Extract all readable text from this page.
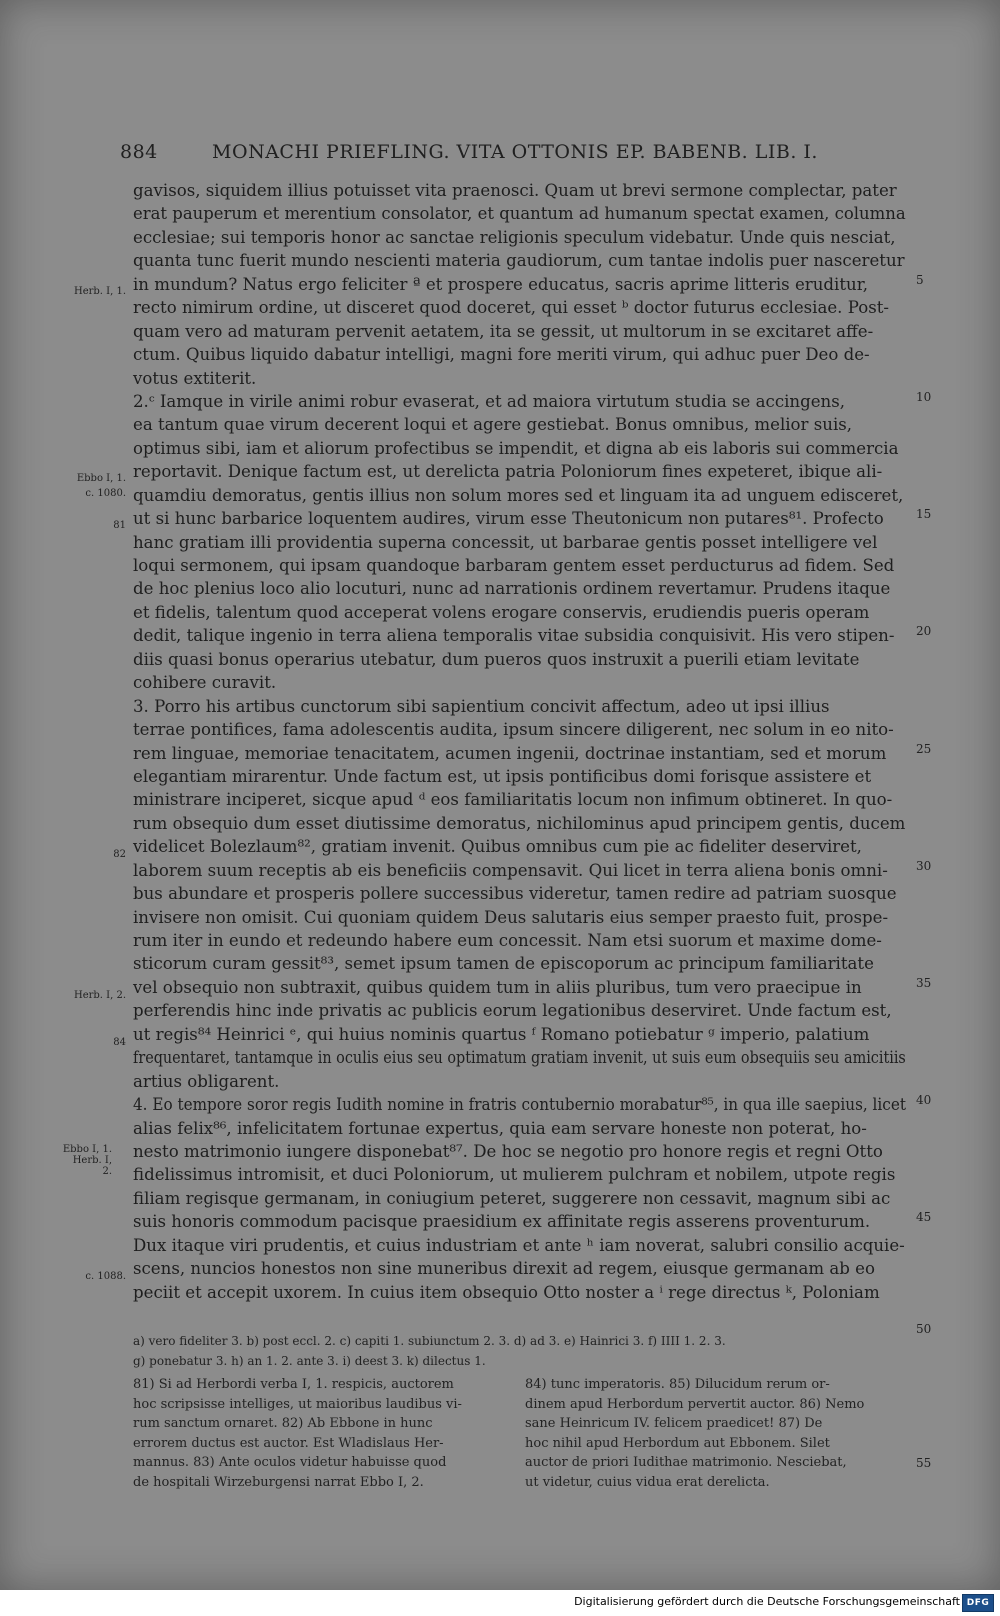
884	MONACHI PRIEFLING. VITA OTTONIS EP. BABENB. LIB. I.
gavisos, siquidem illius potuisset vita praenosci. Quam ut brevi sermone complectar, pater
erat pauperum et merentium consolator, et quantum ad humanum spectat examen, columna
ecclesiae; sui temporis honor ac sanctae religionis speculum videbatur. Unde quis nesciat,
quanta tunc fuerit mundo nescienti materia gaudiorum, cum tantae indolis puer nasceretur
in mundum? Natus ergo feliciter ª et prospere educatus, sacris aprime litteris eruditur,
recto nimirum ordine, ut disceret quod doceret, qui esset ᵇ doctor futurus ecclesiae. Post-
quam vero ad maturam pervenit aetatem, ita se gessit, ut multorum in se excitaret affe-
ctum. Quibus liquido dabatur intelligi, magni fore meriti virum, qui adhuc puer Deo de-
votus extiterit.
2.ᶜ Iamque in virile animi robur evaserat, et ad maiora virtutum studia se accingens,
ea tantum quae virum decerent loqui et agere gestiebat. Bonus omnibus, melior suis,
optimus sibi, iam et aliorum profectibus se impendit, et digna ab eis laboris sui commercia
reportavit. Denique factum est, ut derelicta patria Poloniorum fines expeteret, ibique ali-
quamdiu demoratus, gentis illius non solum mores sed et linguam ita ad unguem edisceret,
ut si hunc barbarice loquentem audires, virum esse Theutonicum non putares⁸¹. Profecto
hanc gratiam illi providentia superna concessit, ut barbarae gentis posset intelligere vel
loqui sermonem, qui ipsam quandoque barbaram gentem esset perducturus ad fidem. Sed
de hoc plenius loco alio locuturi, nunc ad narrationis ordinem revertamur. Prudens itaque
et fidelis, talentum quod acceperat volens erogare conservis, erudiendis pueris operam
dedit, talique ingenio in terra aliena temporalis vitae subsidia conquisivit. His vero stipen-
diis quasi bonus operarius utebatur, dum pueros quos instruxit a puerili etiam levitate
cohibere curavit.
3. Porro his artibus cunctorum sibi sapientium concivit affectum, adeo ut ipsi illius
terrae pontifices, fama adolescentis audita, ipsum sincere diligerent, nec solum in eo nito-
rem linguae, memoriae tenacitatem, acumen ingenii, doctrinae instantiam, sed et morum
elegantiam mirarentur. Unde factum est, ut ipsis pontificibus domi forisque assistere et
ministrare inciperet, sicque apud ᵈ eos familiaritatis locum non infimum obtineret. In quo-
rum obsequio dum esset diutissime demoratus, nichilominus apud principem gentis, ducem
videlicet Bolezlaum⁸², gratiam invenit. Quibus omnibus cum pie ac fideliter deserviret,
laborem suum receptis ab eis beneficiis compensavit. Qui licet in terra aliena bonis omni-
bus abundare et prosperis pollere successibus videretur, tamen redire ad patriam suosque
invisere non omisit. Cui quoniam quidem Deus salutaris eius semper praesto fuit, prospe-
rum iter in eundo et redeundo habere eum concessit. Nam etsi suorum et maxime dome-
sticorum curam gessit⁸³, semet ipsum tamen de episcoporum ac principum familiaritate
vel obsequio non subtraxit, quibus quidem tum in aliis pluribus, tum vero praecipue in
perferendis hinc inde privatis ac publicis eorum legationibus deserviret. Unde factum est,
ut regis⁸⁴ Heinrici ᵉ, qui huius nominis quartus ᶠ Romano potiebatur ᵍ imperio, palatium
frequentaret, tantamque in oculis eius seu optimatum gratiam invenit, ut suis eum obsequiis seu amicitiis
artius obligarent.
4. Eo tempore soror regis Iudith nomine in fratris contubernio morabatur⁸⁵, in qua ille saepius, licet
alias felix⁸⁶, infelicitatem fortunae expertus, quia eam servare honeste non poterat, ho-
nesto matrimonio iungere disponebat⁸⁷. De hoc se negotio pro honore regis et regni Otto
fidelissimus intromisit, et duci Poloniorum, ut mulierem pulchram et nobilem, utpote regis
filiam regisque germanam, in coniugium peteret, suggerere non cessavit, magnum sibi ac
suis honoris commodum pacisque praesidium ex affinitate regis asserens proventurum.
Dux itaque viri prudentis, et cuius industriam et ante ʰ iam noverat, salubri consilio acquie-
scens, nuncios honestos non sine muneribus direxit ad regem, eiusque germanam ab eo
peciit et accepit uxorem. In cuius item obsequio Otto noster a ⁱ rege directus ᵏ, Poloniam
5
10
15
20
25
30
35
40
45
50
55
Herb. I, 1.
Ebbo I, 1.
c. 1080.
81
82
Herb. I, 2.
84
Ebbo I, 1. Herb. I, 2.
c. 1088.
a) vero fideliter 3. b) post eccl. 2. c) capiti 1. subiunctum 2. 3. d) ad 3. e) Hainrici 3. f) IIII 1. 2. 3.
g) ponebatur 3. h) an 1. 2. ante 3. i) deest 3. k) dilectus 1.
81) Si ad Herbordi verba I, 1. respicis, auctorem
hoc scripsisse intelliges, ut maioribus laudibus vi-
rum sanctum ornaret. 82) Ab Ebbone in hunc
errorem ductus est auctor. Est Wladislaus Her-
mannus. 83) Ante oculos videtur habuisse quod
de hospitali Wirzeburgensi narrat Ebbo I, 2.
84) tunc imperatoris. 85) Dilucidum rerum or-
dinem apud Herbordum pervertit auctor. 86) Nemo
sane Heinricum IV. felicem praedicet! 87) De
hoc nihil apud Herbordum aut Ebbonem. Silet
auctor de priori Iudithae matrimonio. Nesciebat,
ut videtur, cuius vidua erat derelicta.
Digitalisierung gefördert durch die Deutsche Forschungsgemeinschaft DFG
